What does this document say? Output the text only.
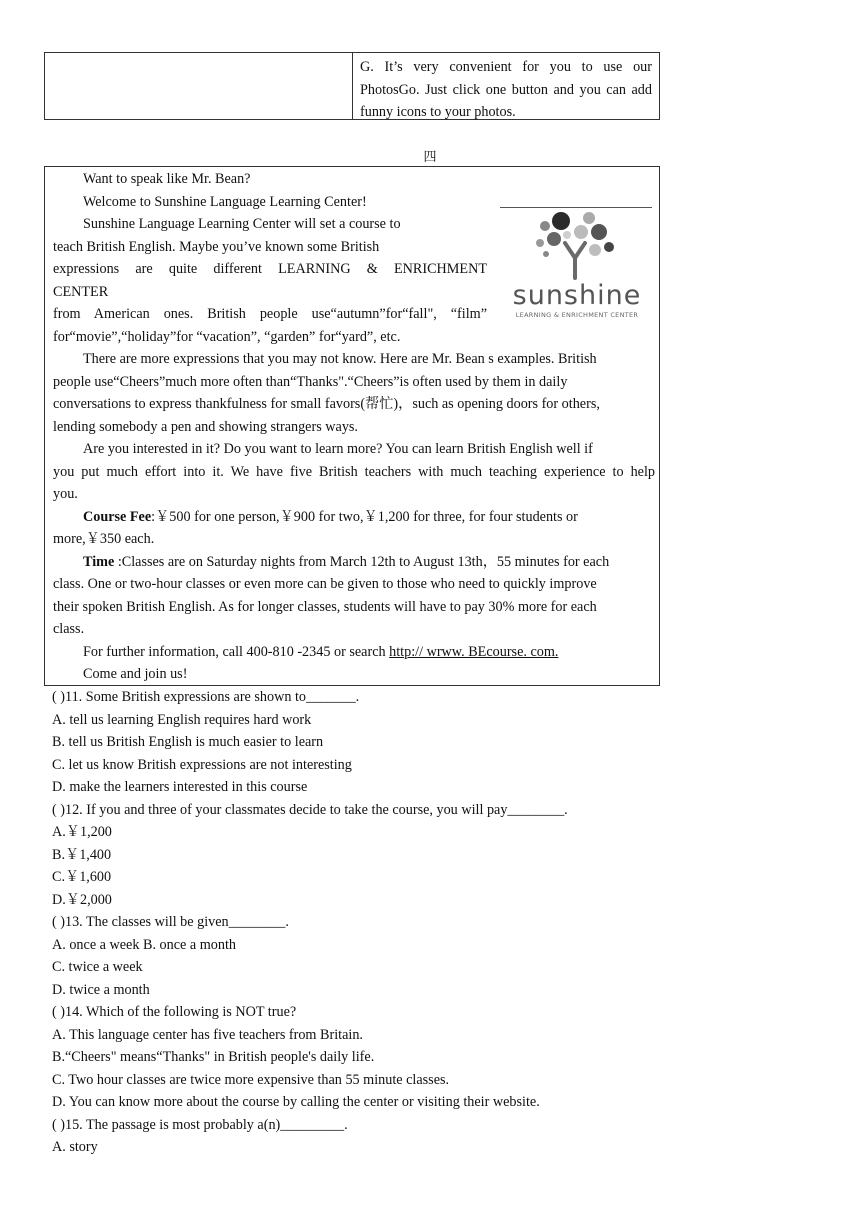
G. It’s very convenient for you to use our PhotosGo. Just click one button and you can add funny icons to your photos.
四
Want to speak like Mr. Bean?
Welcome to Sunshine Language Learning Center!
Sunshine Language Learning Center will set a course to
teach British English. Maybe you’ve known some British
expressions are quite different LEARNING & ENRICHMENT
CENTER
from American ones. British people use“autumn”for“fall", “film”
for“movie”,“holiday”for “vacation”, “garden” for“yard”, etc.
sunshine
LEARNING & ENRICHMENT CENTER
There are more expressions that you may not know. Here are Mr. Bean s examples. British
people use“Cheers”much more often than“Thanks".“Cheers”is often used by them in daily
conversations to express thankfulness for small favors(帮忙)，such as opening doors for others,
lending somebody a pen and showing strangers ways.
Are you interested in it? Do you want to learn more? You can learn British English well if
you put much effort into it. We have five British teachers with much teaching experience to help
you.
Course Fee:￥500 for one person,￥900 for two,￥1,200 for three, for four students or
more,￥350 each.
Time :Classes are on Saturday nights from March 12th to August 13th，55 minutes for each
class. One or two-hour classes or even more can be given to those who need to quickly improve
their spoken British English. As for longer classes, students will have to pay 30% more for each
class.
For further information, call 400-810 -2345 or search http:// wrww. BEcourse. com.
Come and join us!
( )11. Some British expressions are shown to_______.
A. tell us learning English requires hard work
B. tell us British English is much easier to learn
C. let us know British expressions are not interesting
D. make the learners interested in this course
( )12. If you and three of your classmates decide to take the course, you will pay________.
A.￥1,200
B.￥1,400
C.￥1,600
D.￥2,000
( )13. The classes will be given________.
A. once a week B. once a month
C. twice a week
D. twice a month
( )14. Which of the following is NOT true?
A. This language center has five teachers from Britain.
B.“Cheers" means“Thanks" in British people's daily life.
C. Two hour classes are twice more expensive than 55 minute classes.
D. You can know more about the course by calling the center or visiting their website.
( )15. The passage is most probably a(n)_________.
A. story
